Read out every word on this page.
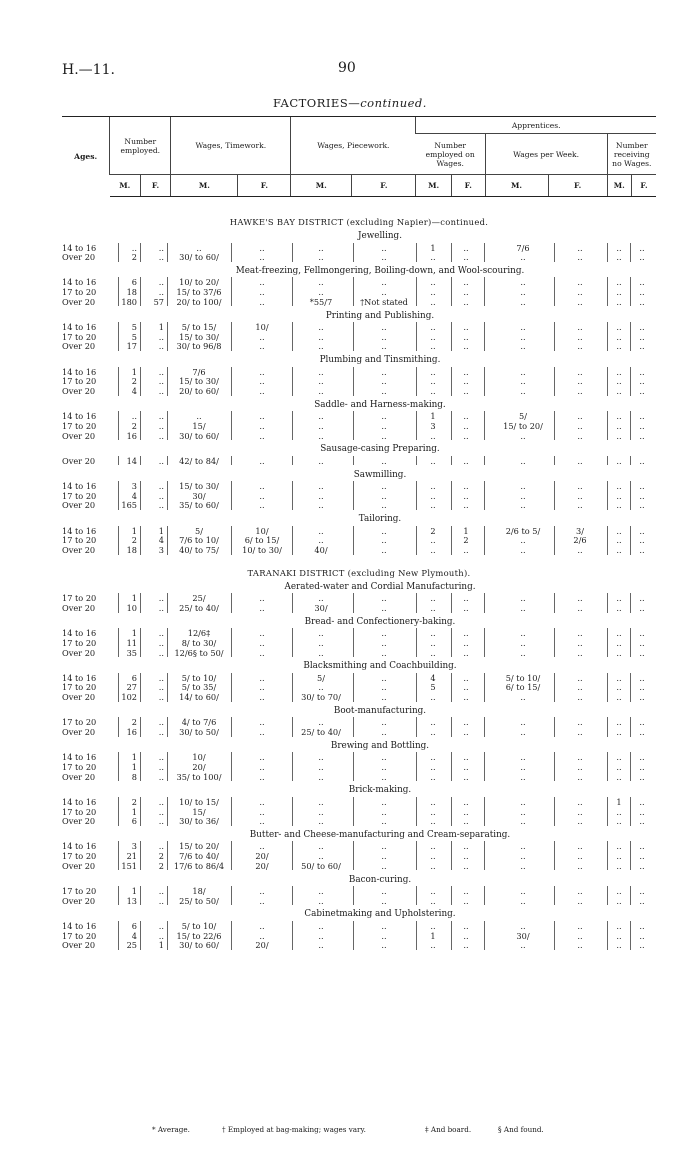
H.—11.	90
FACTORIES—continued.
Ages.	Number employed.		Wages, Timework.		Wages, Piecework.		Apprentices.					
							Number employed on Wages.		Wages per Week.		Number receiving no Wages.	
	M.	F.	M.	F.	M.	F.	M.	F.	M.	F.	M.	F.
HAWKE'S BAY DISTRICT (excluding Napier)—continued.
Jewelling.
14 to 16	..	..	..	..	..	..	1	..	7/6	..	..	..
Over 20	2	..	30/ to 60/	..	..	..	..	..	..	..	..	..
Meat-freezing, Fellmongering, Boiling-down, and Wool-scouring.
14 to 16	6	..	10/ to 20/	..	..	..	..	..	..	..	..	..
17 to 20	18	..	15/ to 37/6	..	..	..	..	..	..	..	..	..
Over 20	180	57	20/ to 100/	..	*55/7	†Not stated	..	..	..	..	..	..
Printing and Publishing.
14 to 16	5	1	5/ to 15/	10/	..	..	..	..	..	..	..	..
17 to 20	5	..	15/ to 30/	..	..	..	..	..	..	..	..	..
Over 20	17	..	30/ to 96/8	..	..	..	..	..	..	..	..	..
Plumbing and Tinsmithing.
14 to 16	1	..	7/6	..	..	..	..	..	..	..	..	..
17 to 20	2	..	15/ to 30/	..	..	..	..	..	..	..	..	..
Over 20	4	..	20/ to 60/	..	..	..	..	..	..	..	..	..
Saddle- and Harness-making.
14 to 16	..	..	..	..	..	..	1	..	5/	..	..	..
17 to 20	2	..	15/	..	..	..	3	..	15/ to 20/	..	..	..
Over 20	16	..	30/ to 60/	..	..	..	..	..	..	..	..	..
Sausage-casing Preparing.
Over 20	14	..	42/ to 84/	..	..	..	..	..	..	..	..	..
Sawmilling.
14 to 16	3	..	15/ to 30/	..	..	..	..	..	..	..	..	..
17 to 20	4	..	30/	..	..	..	..	..	..	..	..	..
Over 20	165	..	35/ to 60/	..	..	..	..	..	..	..	..	..
Tailoring.
14 to 16	1	1	5/	10/	..	..	2	1	2/6 to 5/	3/	..	..
17 to 20	2	4	7/6 to 10/	6/ to 15/	..	..	..	2	..	2/6	..	..
Over 20	18	3	40/ to 75/	10/ to 30/	40/	..	..	..	..	..	..	..
TARANAKI DISTRICT (excluding New Plymouth).
Aerated-water and Cordial Manufacturing.
17 to 20	1	..	25/	..	..	..	..	..	..	..	..	..
Over 20	10	..	25/ to 40/	..	30/	..	..	..	..	..	..	..
Bread- and Confectionery-baking.
14 to 16	1	..	12/6‡	..	..	..	..	..	..	..	..	..
17 to 20	11	..	8/ to 30/	..	..	..	..	..	..	..	..	..
Over 20	35	..	12/6§ to 50/	..	..	..	..	..	..	..	..	..
Blacksmithing and Coachbuilding.
14 to 16	6	..	5/ to 10/	..	5/	..	4	..	5/ to 10/	..	..	..
17 to 20	27	..	5/ to 35/	..	..	..	5	..	6/ to 15/	..	..	..
Over 20	102	..	14/ to 60/	..	30/ to 70/	..	..	..	..	..	..	..
Boot-manufacturing.
17 to 20	2	..	4/ to 7/6	..	..	..	..	..	..	..	..	..
Over 20	16	..	30/ to 50/	..	25/ to 40/	..	..	..	..	..	..	..
Brewing and Bottling.
14 to 16	1	..	10/	..	..	..	..	..	..	..	..	..
17 to 20	1	..	20/	..	..	..	..	..	..	..	..	..
Over 20	8	..	35/ to 100/	..	..	..	..	..	..	..	..	..
Brick-making.
14 to 16	2	..	10/ to 15/	..	..	..	..	..	..	..	1	..
17 to 20	1	..	15/	..	..	..	..	..	..	..	..	..
Over 20	6	..	30/ to 36/	..	..	..	..	..	..	..	..	..
Butter- and Cheese-manufacturing and Cream-separating.
14 to 16	3	..	15/ to 20/	..	..	..	..	..	..	..	..	..
17 to 20	21	2	7/6 to 40/	20/	..	..	..	..	..	..	..	..
Over 20	151	2	17/6 to 86/4	20/	50/ to 60/	..	..	..	..	..	..	..
Bacon-curing.
17 to 20	1	..	18/	..	..	..	..	..	..	..	..	..
Over 20	13	..	25/ to 50/	..	..	..	..	..	..	..	..	..
Cabinetmaking and Upholstering.
14 to 16	6	..	5/ to 10/	..	..	..	..	..	..	..	..	..
17 to 20	4	..	15/ to 22/6	..	..	..	1	..	30/	..	..	..
Over 20	25	1	30/ to 60/	20/	..	..	..	..	..	..	..	..
* Average.	† Employed at bag-making; wages vary.	‡ And board.	§ And found.
